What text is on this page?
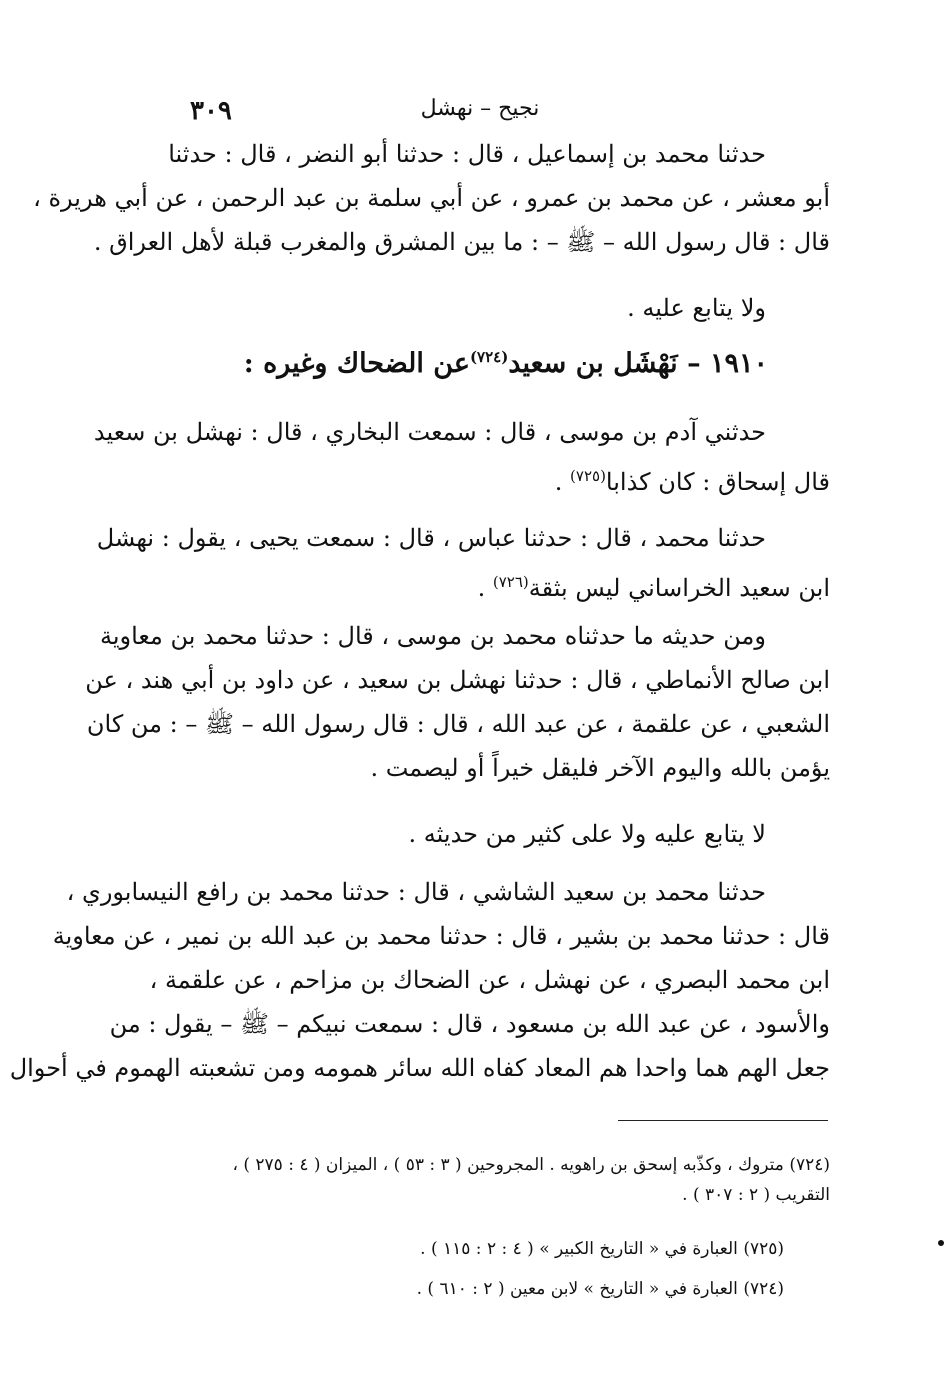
نجيح – نهشل
٣٠٩
حدثنا محمد بن إسماعيل ، قال : حدثنا أبو النضر ، قال : حدثنا
أبو معشر ، عن محمد بن عمرو ، عن أبي سلمة بن عبد الرحمن ، عن أبي هريرة ،
قال : قال رسول الله – ﷺ – : ما بين المشرق والمغرب قبلة لأهل العراق .
ولا يتابع عليه .
١٩١٠ – نَهْشَل بن سعيد$^{(٧٢٤)}$عن الضحاك وغيره :
حدثني آدم بن موسى ، قال : سمعت البخاري ، قال : نهشل بن سعيد
قال إسحاق : كان كذابا$^{(٧٢٥)}$ .
حدثنا محمد ، قال : حدثنا عباس ، قال : سمعت يحيى ، يقول : نهشل
ابن سعيد الخراساني ليس بثقة$^{(٧٢٦)}$ .
ومن حديثه ما حدثناه محمد بن موسى ، قال : حدثنا محمد بن معاوية
ابن صالح الأنماطي ، قال : حدثنا نهشل بن سعيد ، عن داود بن أبي هند ، عن
الشعبي ، عن علقمة ، عن عبد الله ، قال : قال رسول الله – ﷺ – : من كان
يؤمن بالله واليوم الآخر فليقل خيراً أو ليصمت .
لا يتابع عليه ولا على كثير من حديثه .
حدثنا محمد بن سعيد الشاشي ، قال : حدثنا محمد بن رافع النيسابوري ،
قال : حدثنا محمد بن بشير ، قال : حدثنا محمد بن عبد الله بن نمير ، عن معاوية
ابن محمد البصري ، عن نهشل ، عن الضحاك بن مزاحم ، عن علقمة ،
والأسود ، عن عبد الله بن مسعود ، قال : سمعت نبيكم – ﷺ – يقول : من
جعل الهم هما واحدا هم المعاد كفاه الله سائر همومه ومن تشعبته الهموم في أحوال
(٧٢٤) متروك ، وكذّبه إسحق بن راهويه . المجروحين ( ٣ : ٥٣ ) ، الميزان ( ٤ : ٢٧٥ ) ،
التقريب ( ٢ : ٣٠٧ ) .
(٧٢٥) العبارة في « التاريخ الكبير » ( ٤ : ٢ : ١١٥ ) .
(٧٢٤) العبارة في « التاريخ » لابن معين ( ٢ : ٦١٠ ) .
